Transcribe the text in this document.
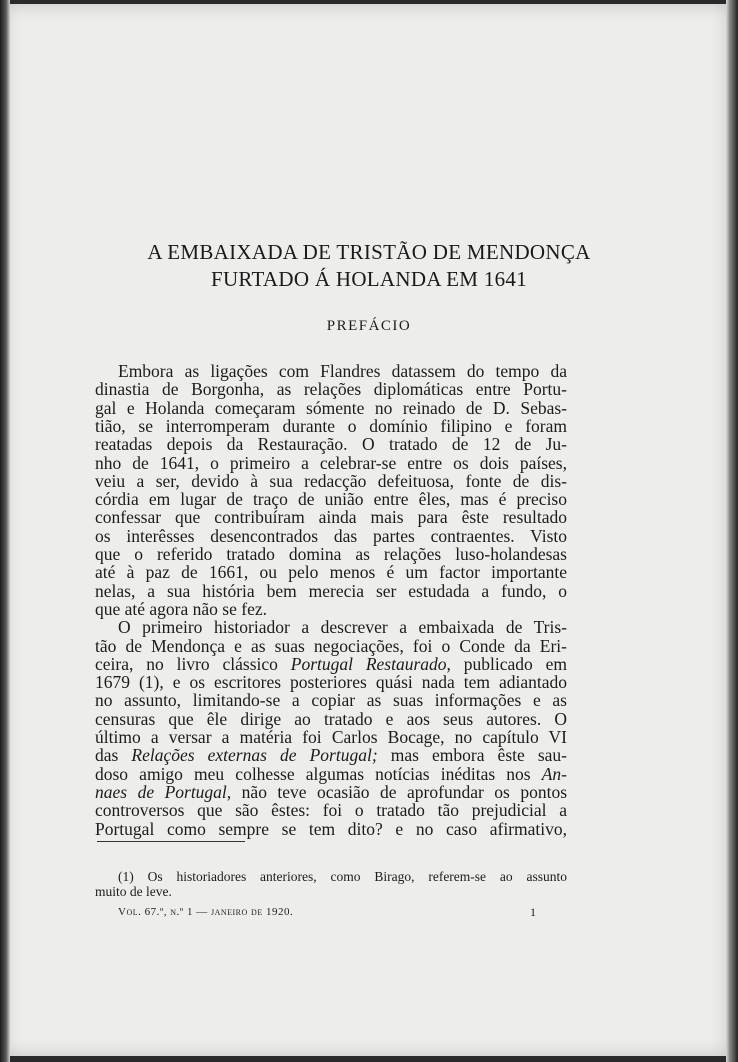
A EMBAIXADA DE TRISTÃO DE MENDONÇA
FURTADO Á HOLANDA EM 1641
PREFÁCIO
Embora as ligações com Flandres datassem do tempo da
dinastia de Borgonha, as relações diplomáticas entre Portu-
gal e Holanda começaram sómente no reinado de D. Sebas-
tião, se interromperam durante o domínio filipino e foram
reatadas depois da Restauração. O tratado de 12 de Ju-
nho de 1641, o primeiro a celebrar-se entre os dois países,
veiu a ser, devido à sua redacção defeituosa, fonte de dis-
córdia em lugar de traço de união entre êles, mas é preciso
confessar que contribuíram ainda mais para êste resultado
os interêsses desencontrados das partes contraentes. Visto
que o referido tratado domina as relações luso-holandesas
até à paz de 1661, ou pelo menos é um factor importante
nelas, a sua história bem merecia ser estudada a fundo, o
que até agora não se fez.
O primeiro historiador a descrever a embaixada de Tris-
tão de Mendonça e as suas negociações, foi o Conde da Eri-
ceira, no livro clássico Portugal Restaurado, publicado em
1679 (1), e os escritores posteriores quási nada tem adiantado
no assunto, limitando-se a copiar as suas informações e as
censuras que êle dirige ao tratado e aos seus autores. O
último a versar a matéria foi Carlos Bocage, no capítulo VI
das Relações externas de Portugal; mas embora êste sau-
doso amigo meu colhesse algumas notícias inéditas nos An-
naes de Portugal, não teve ocasião de aprofundar os pontos
controversos que são êstes: foi o tratado tão prejudicial a
Portugal como sempre se tem dito? e no caso afirmativo,
(1) Os historiadores anteriores, como Birago, referem-se ao assunto
muito de leve.
Vol. 67.º, n.º 1 — janeiro de 1920.	1
